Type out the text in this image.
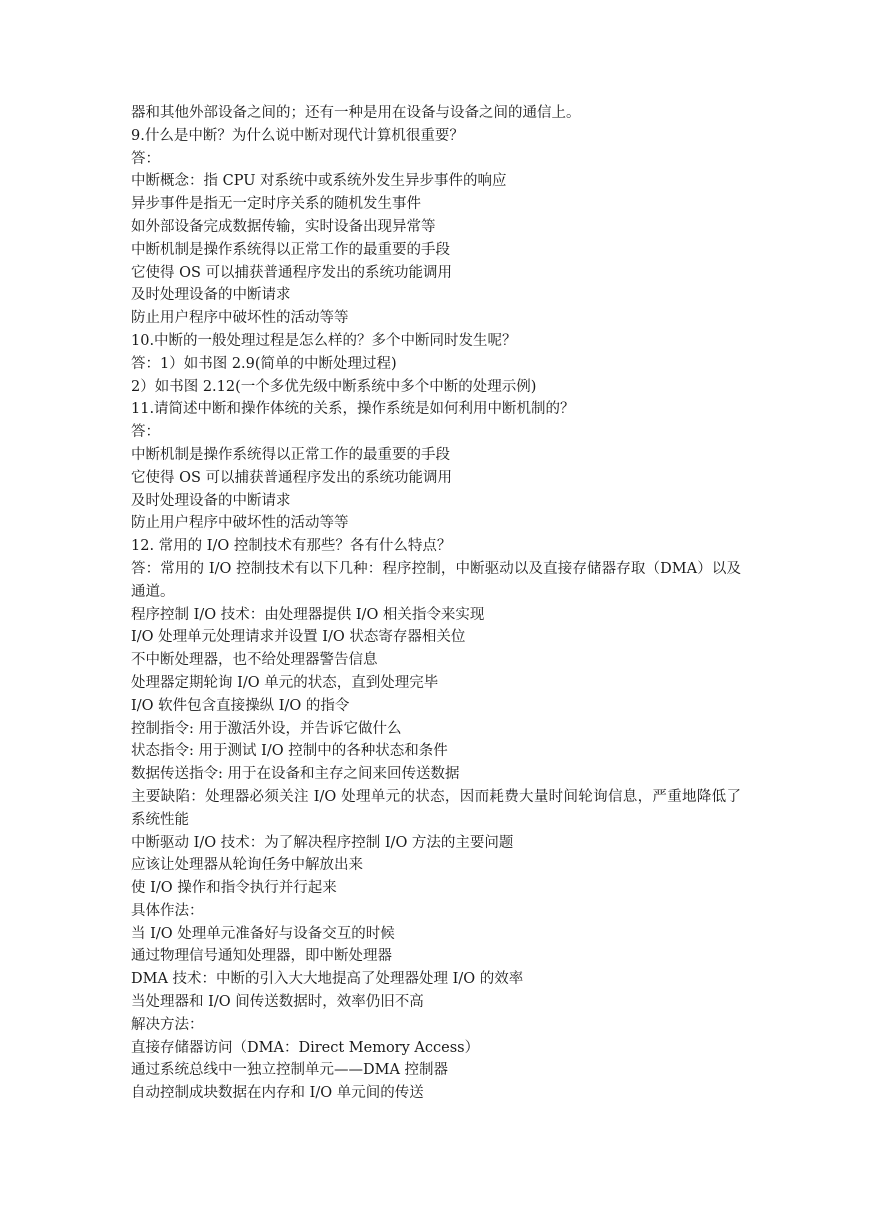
器和其他外部设备之间的；还有一种是用在设备与设备之间的通信上。
9.什么是中断？为什么说中断对现代计算机很重要？
答：
中断概念：指 CPU 对系统中或系统外发生异步事件的响应
异步事件是指无一定时序关系的随机发生事件
如外部设备完成数据传输，实时设备出现异常等
中断机制是操作系统得以正常工作的最重要的手段
它使得 OS 可以捕获普通程序发出的系统功能调用
及时处理设备的中断请求
防止用户程序中破坏性的活动等等
10.中断的一般处理过程是怎么样的？多个中断同时发生呢？
答：1）如书图 2.9(简单的中断处理过程)
2）如书图 2.12(一个多优先级中断系统中多个中断的处理示例)
11.请简述中断和操作体统的关系，操作系统是如何利用中断机制的？
答：
中断机制是操作系统得以正常工作的最重要的手段
它使得 OS 可以捕获普通程序发出的系统功能调用
及时处理设备的中断请求
防止用户程序中破坏性的活动等等
12. 常用的 I/O 控制技术有那些？各有什么特点？
答：常用的 I/O 控制技术有以下几种：程序控制，中断驱动以及直接存储器存取（DMA）以及通道。
程序控制 I/O 技术：由处理器提供 I/O 相关指令来实现
I/O 处理单元处理请求并设置 I/O 状态寄存器相关位
不中断处理器，也不给处理器警告信息
处理器定期轮询 I/O 单元的状态，直到处理完毕
I/O 软件包含直接操纵 I/O 的指令
控制指令: 用于激活外设，并告诉它做什么
状态指令: 用于测试 I/O 控制中的各种状态和条件
数据传送指令: 用于在设备和主存之间来回传送数据
主要缺陷：处理器必须关注 I/O 处理单元的状态，因而耗费大量时间轮询信息，严重地降低了系统性能
中断驱动 I/O 技术：为了解决程序控制 I/O 方法的主要问题
应该让处理器从轮询任务中解放出来
使 I/O 操作和指令执行并行起来
具体作法：
当 I/O 处理单元准备好与设备交互的时候
通过物理信号通知处理器，即中断处理器
DMA 技术：中断的引入大大地提高了处理器处理 I/O 的效率
当处理器和 I/O 间传送数据时，效率仍旧不高
解决方法：
直接存储器访问（DMA：Direct Memory Access）
通过系统总线中一独立控制单元——DMA 控制器
自动控制成块数据在内存和 I/O 单元间的传送
